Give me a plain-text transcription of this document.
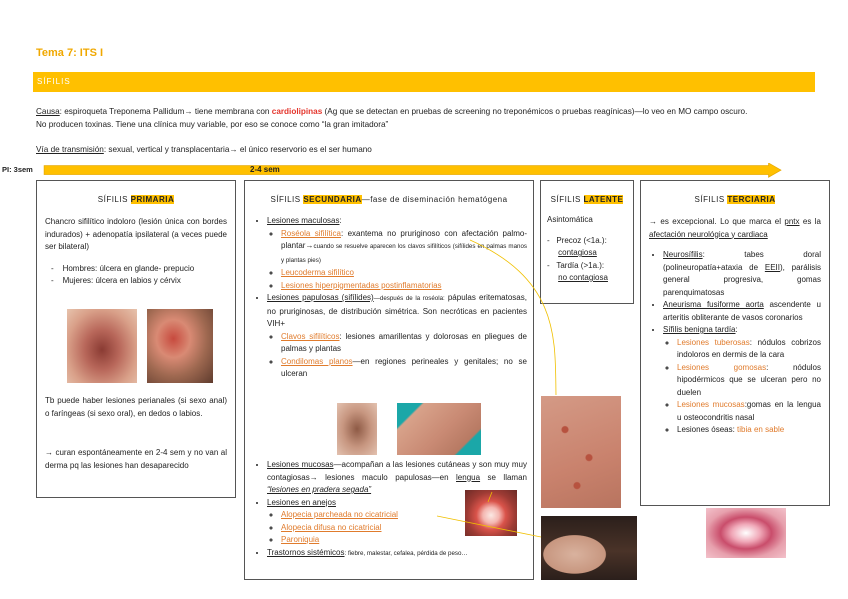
Tema 7: ITS I
SÍFILIS
Causa: espiroqueta Treponema Pallidum→ tiene membrana con cardiolipinas (Ag que se detectan en pruebas de screening no treponémicos o pruebas reagínicas)—lo veo en MO campo oscuro.
No producen toxinas. Tiene una clínica muy variable, por eso se conoce como “la gran imitadora”
Vía de transmisión: sexual, vertical y transplacentaria→ el único reservorio es el ser humano
PI: 3sem	2-4 sem
SÍFILIS PRIMARIA
Chancro sifilítico indoloro (lesión única con bordes indurados) + adenopatía ipsilateral (a veces puede ser bilateral)
-    Hombres: úlcera en glande- prepucio
-    Mujeres: úlcera en labios y cérvix
Tb puede haber lesiones perianales (si sexo anal) o faríngeas (si sexo oral), en dedos o labios.
→ curan espontáneamente en 2-4 sem y no van al derma pq las lesiones han desaparecido
SÍFILIS SECUNDARIA—fase de diseminación hematógena
• Lesiones maculosas:
◦ Roséola sifilítica: exantema no pruriginoso con afectación palmo- plantar→cuando se resuelve aparecen los clavos sifilíticos (sifílides en palmas manos y plantas pies)
◦ Leucoderma sifilítico
◦ Lesiones hiperpigmentadas postinflamatorias
• Lesiones papulosas (sifílides)—después de la roséola: pápulas eritematosas, no pruriginosas, de distribución simétrica. Son necróticas en pacientes VIH+
◦ Clavos sifilíticos: lesiones amarillentas y dolorosas en pliegues de palmas y plantas
◦ Condilomas planos—en regiones perineales y genitales; no se ulceran
• Lesiones mucosas—acompañan a las lesiones cutáneas y son muy muy contagiosas→ lesiones maculo papulosas—en lengua se llaman “lesiones en pradera segada”
• Lesiones en anejos
◦ Alopecia parcheada no cicatricial
◦ Alopecia difusa no cicatricial
◦ Paroniquia
• Trastornos sistémicos: fiebre, malestar, cefalea, pérdida de peso…
SÍFILIS LATENTE
Asintomática
-   Precoz (<1a.):
contagiosa
-   Tardía (>1a.):
no contagiosa
SÍFILIS TERCIARIA
→ es excepcional. Lo que marca el pntx es la afectación neurológica y cardiaca
• Neurosífilis: tabes doral (polineuropatía+ataxia de EEII), parálisis general progresiva, gomas parenquimatosas
• Aneurisma fusiforme aorta ascendente u arteritis obliterante de vasos coronarios
• Sífilis benigna tardía:
◦ Lesiones tuberosas: nódulos cobrizos indoloros en dermis de la cara
◦ Lesiones gomosas: nódulos hipodérmicos que se ulceran pero no duelen
◦ Lesiones mucosas:gomas en la lengua u osteocondritis nasal
◦ Lesiones óseas: tibia en sable
